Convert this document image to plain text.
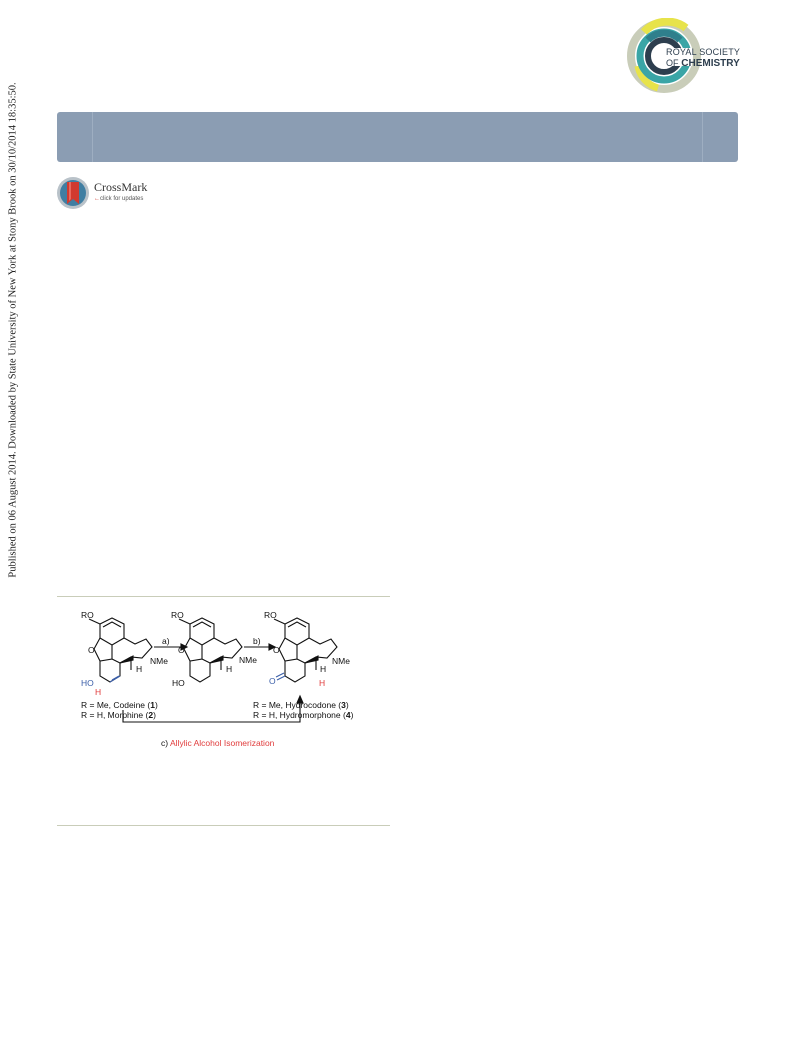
Published on 06 August 2014. Downloaded by State University of New York at Stony Brook on 30/10/2014 18:35:50.
ROYAL SOCIETY
OF CHEMISTRY
CrossMark
←click for updates
RO
O
NMe
H
HO
H
RO
O
NMe
H
HO
RO
O
NMe
H
O	H
a)	b)
R = Me, Codeine (1)
R = H, Morphine (2)
R = Me, Hydrocodone (3)
R = H, Hydromorphone (4)
c) Allylic Alcohol Isomerization
